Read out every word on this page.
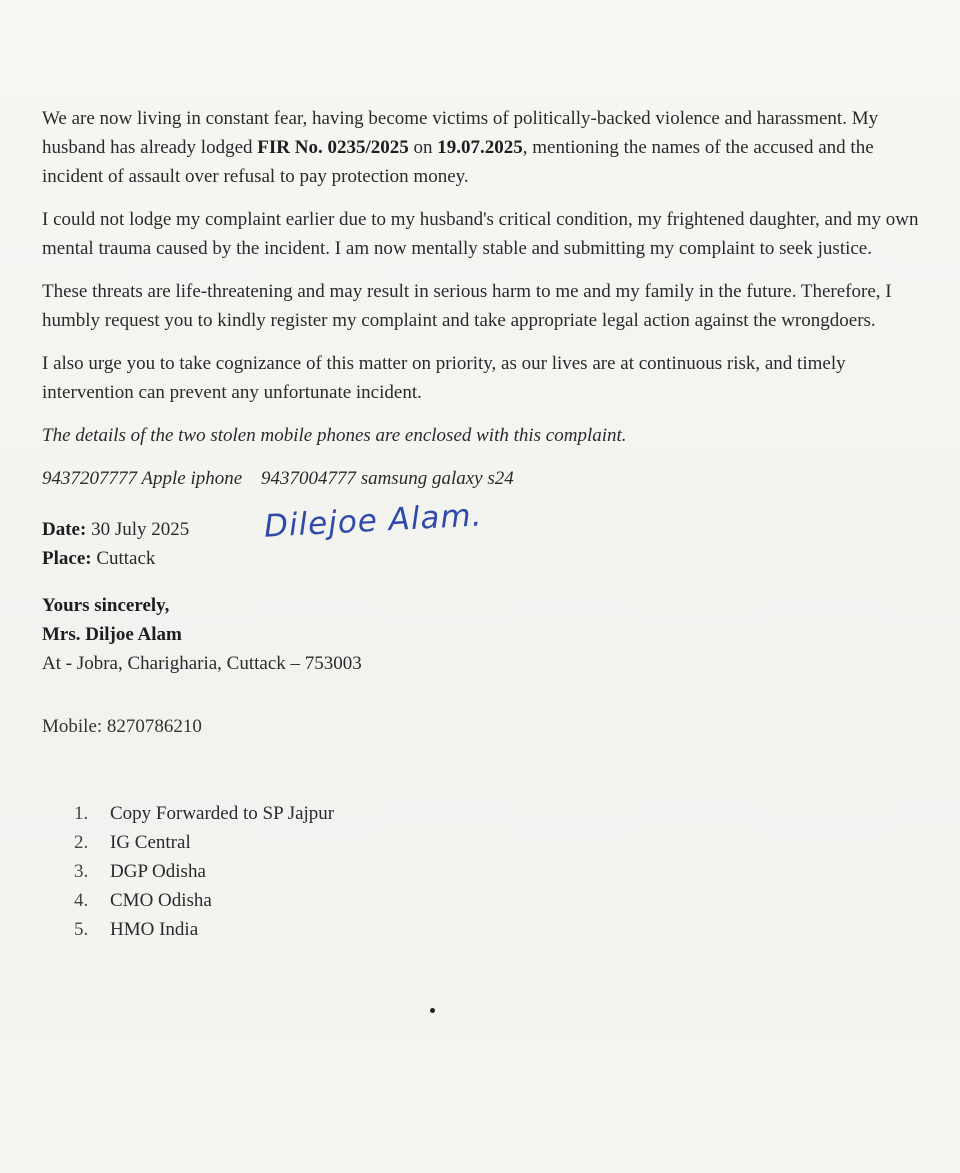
We are now living in constant fear, having become victims of politically-backed violence and harassment. My husband has already lodged FIR No. 0235/2025 on 19.07.2025, mentioning the names of the accused and the incident of assault over refusal to pay protection money.

I could not lodge my complaint earlier due to my husband's critical condition, my frightened daughter, and my own mental trauma caused by the incident. I am now mentally stable and submitting my complaint to seek justice.

These threats are life-threatening and may result in serious harm to me and my family in the future. Therefore, I humbly request you to kindly register my complaint and take appropriate legal action against the wrongdoers.

I also urge you to take cognizance of this matter on priority, as our lives are at continuous risk, and timely intervention can prevent any unfortunate incident.

The details of the two stolen mobile phones are enclosed with this complaint.

9437207777 Apple iphone 9437004777 samsung galaxy s24
Date: 30 July 2025
Place: Cuttack
Dilejoe Alam.
Yours sincerely,
Mrs. Diljoe Alam
At - Jobra, Charigharia, Cuttack – 753003
Mobile: 8270786210
1.	Copy Forwarded to SP Jajpur
2.	IG Central
3.	DGP Odisha
4.	CMO Odisha
5.	HMO India
